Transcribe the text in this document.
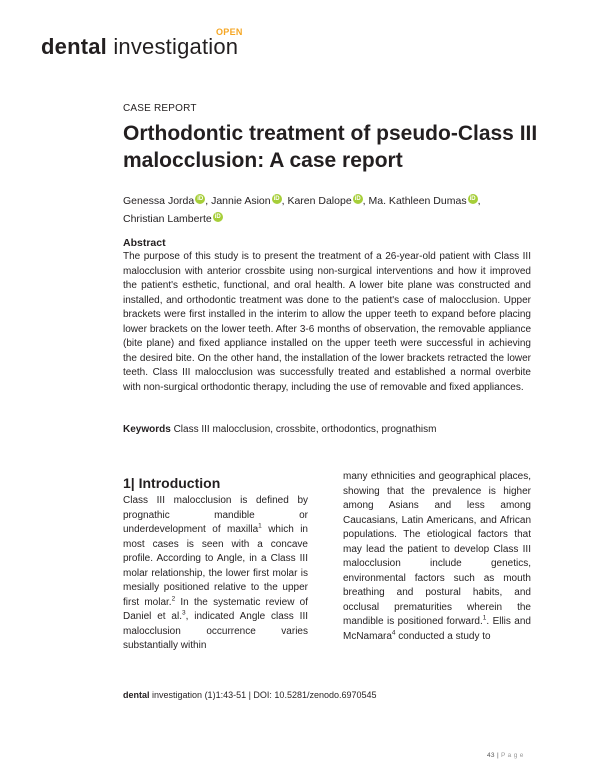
dental investigation
OPEN
CASE REPORT
Orthodontic treatment of pseudo-Class III malocclusion: A case report
Genessa Jorda iD , Jannie Asion iD , Karen Dalope iD , Ma. Kathleen Dumas iD ,
Christian Lamberte iD
Abstract

The purpose of this study is to present the treatment of a 26-year-old patient with Class III malocclusion with anterior crossbite using non-surgical interventions and how it improved the patient's esthetic, functional, and oral health. A lower bite plane was constructed and installed, and orthodontic treatment was done to the patient's case of malocclusion. Upper brackets were first installed in the interim to allow the upper teeth to expand before placing lower brackets on the lower teeth. After 3-6 months of observation, the removable appliance (bite plane) and fixed appliance installed on the upper teeth were successful in achieving the desired bite. On the other hand, the installation of the lower brackets retracted the lower teeth. Class III malocclusion was successfully treated and established a normal overbite with non-surgical orthodontic therapy, including the use of removable and fixed appliances.

Keywords Class III malocclusion, crossbite, orthodontics, prognathism
1| Introduction

Class III malocclusion is defined by prognathic mandible or underdevelopment of maxilla$^1$ which in most cases is seen with a concave profile. According to Angle, in a Class III molar relationship, the lower first molar is mesially positioned relative to the upper first molar.$^2$ In the systematic review of Daniel et al.$^3$, indicated Angle class III malocclusion occurrence varies substantially within

many ethnicities and geographical places, showing that the prevalence is higher among Asians and less among Caucasians, Latin Americans, and African populations. The etiological factors that may lead the patient to develop Class III malocclusion include genetics, environmental factors such as mouth breathing and postural habits, and occlusal prematurities wherein the mandible is positioned forward.$^1$. Ellis and McNamara$^4$ conducted a study to

dental investigation (1)1:43-51 | DOI: 10.5281/zenodo.6970545
43 | P a g e
